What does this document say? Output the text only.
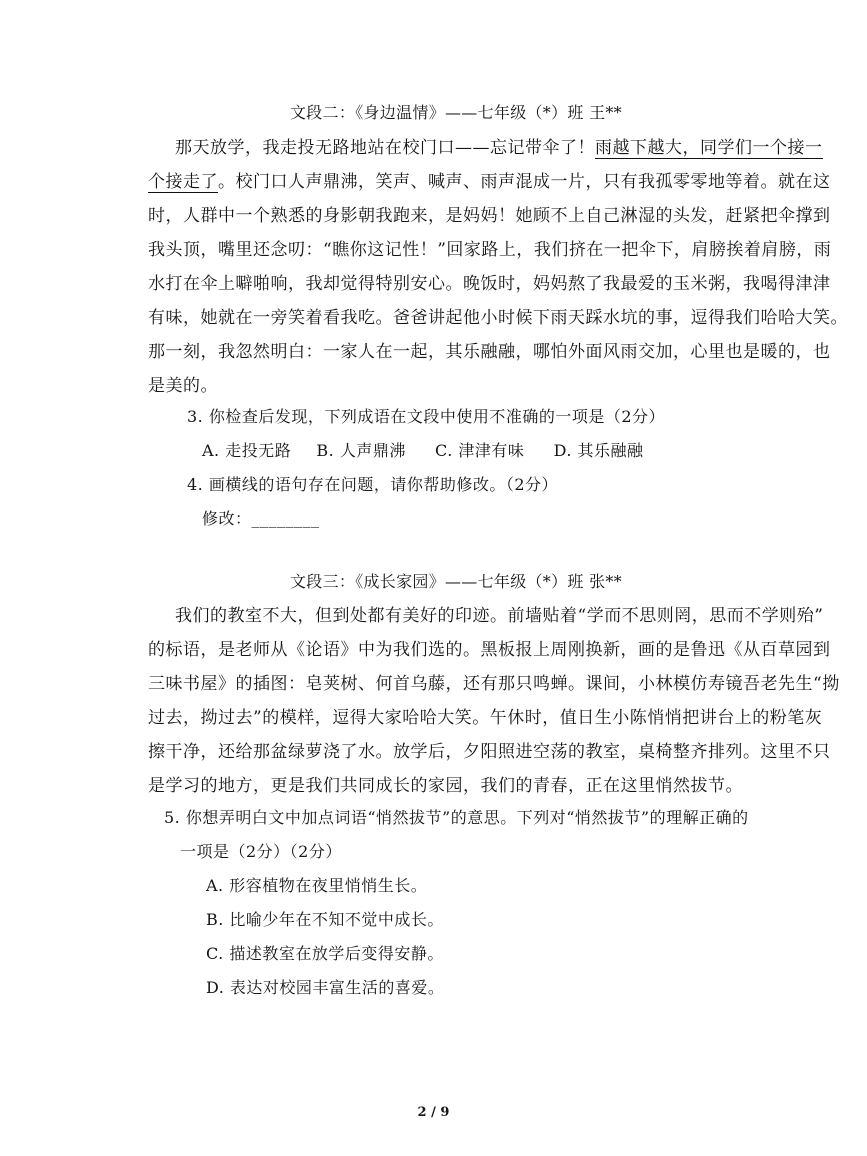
文段二：《身边温情》——七年级（*）班 王**
那天放学，我走投无路地站在校门口——忘记带伞了！雨越下越大，同学们一个接一
个接走了。校门口人声鼎沸，笑声、喊声、雨声混成一片，只有我孤零零地等着。就在这
时，人群中一个熟悉的身影朝我跑来，是妈妈！她顾不上自己淋湿的头发，赶紧把伞撑到
我头顶，嘴里还念叨：“瞧你这记性！”回家路上，我们挤在一把伞下，肩膀挨着肩膀，雨
水打在伞上噼啪响，我却觉得特别安心。晚饭时，妈妈熬了我最爱的玉米粥，我喝得津津
有味，她就在一旁笑着看我吃。爸爸讲起他小时候下雨天踩水坑的事，逗得我们哈哈大笑。
那一刻，我忽然明白：一家人在一起，其乐融融，哪怕外面风雨交加，心里也是暖的，也
是美的。
3. 你检查后发现，下列成语在文段中使用不准确的一项是（2分）
A. 走投无路 B. 人声鼎沸 C. 津津有味 D. 其乐融融
4. 画横线的语句存在问题，请你帮助修改。（2分）
修改：________
文段三：《成长家园》——七年级（*）班 张**
我们的教室不大，但到处都有美好的印迹。前墙贴着“学而不思则罔，思而不学则殆”
的标语，是老师从《论语》中为我们选的。黑板报上周刚换新，画的是鲁迅《从百草园到
三味书屋》的插图：皂荚树、何首乌藤，还有那只鸣蝉。课间，小林模仿寿镜吾老先生“拗
过去，拗过去”的模样，逗得大家哈哈大笑。午休时，值日生小陈悄悄把讲台上的粉笔灰
擦干净，还给那盆绿萝浇了水。放学后，夕阳照进空荡的教室，桌椅整齐排列。这里不只
是学习的地方，更是我们共同成长的家园，我们的青春，正在这里悄然拔节。
5. 你想弄明白文中加点词语“悄然拔节”的意思。下列对“悄然拔节”的理解正确的
一项是（2分）（2分）
A. 形容植物在夜里悄悄生长。
B. 比喻少年在不知不觉中成长。
C. 描述教室在放学后变得安静。
D. 表达对校园丰富生活的喜爱。
2 / 9
